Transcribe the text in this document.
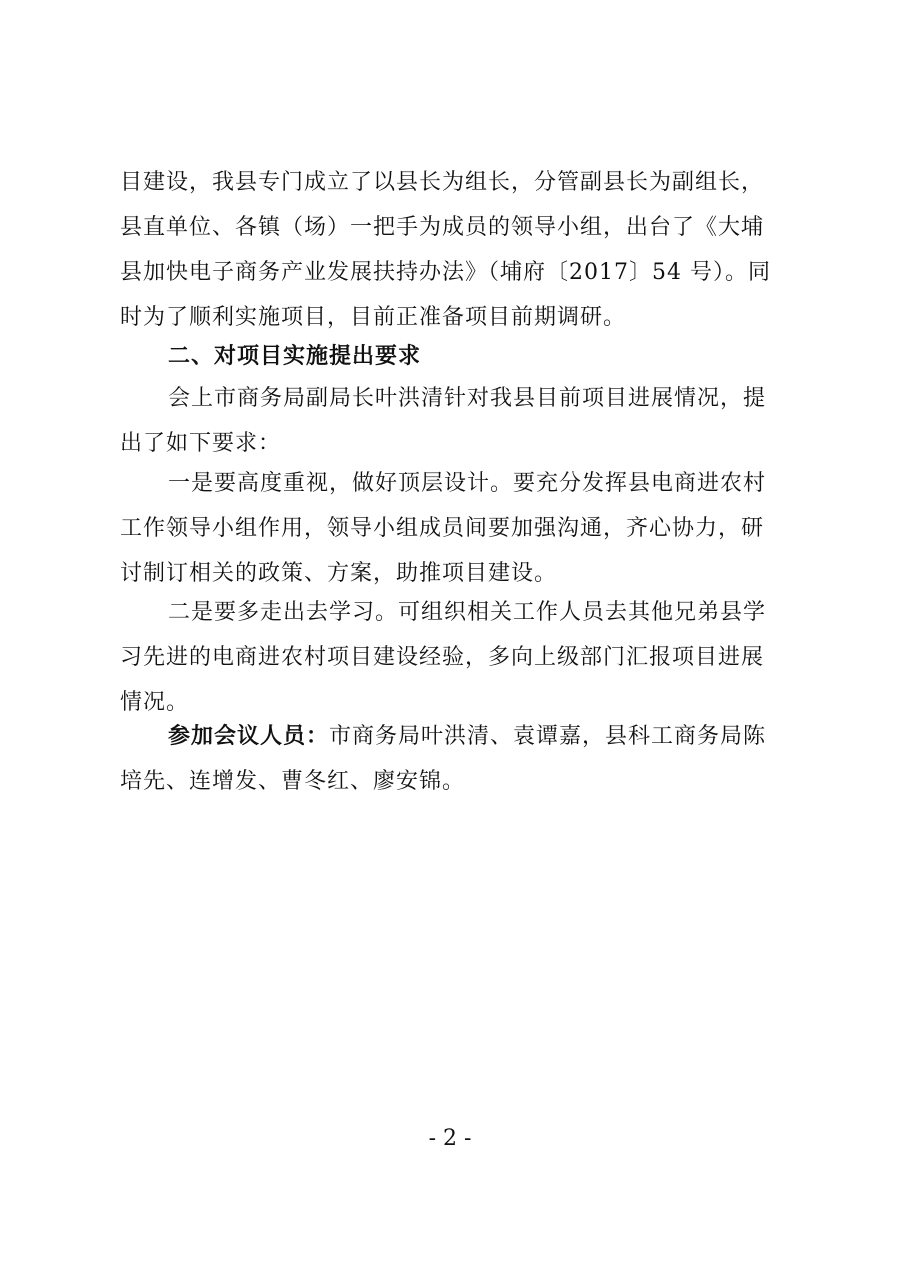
目建设，我县专门成立了以县长为组长，分管副县长为副组长，
县直单位、各镇（场）一把手为成员的领导小组，出台了《大埔
县加快电子商务产业发展扶持办法》（埔府〔2017〕54 号）。同
时为了顺利实施项目，目前正准备项目前期调研。
二、对项目实施提出要求
会上市商务局副局长叶洪清针对我县目前项目进展情况，提
出了如下要求：
一是要高度重视，做好顶层设计。要充分发挥县电商进农村
工作领导小组作用，领导小组成员间要加强沟通，齐心协力，研
讨制订相关的政策、方案，助推项目建设。
二是要多走出去学习。可组织相关工作人员去其他兄弟县学
习先进的电商进农村项目建设经验，多向上级部门汇报项目进展
情况。
参加会议人员：市商务局叶洪清、袁谭嘉，县科工商务局陈
培先、连增发、曹冬红、廖安锦。
- 2 -
